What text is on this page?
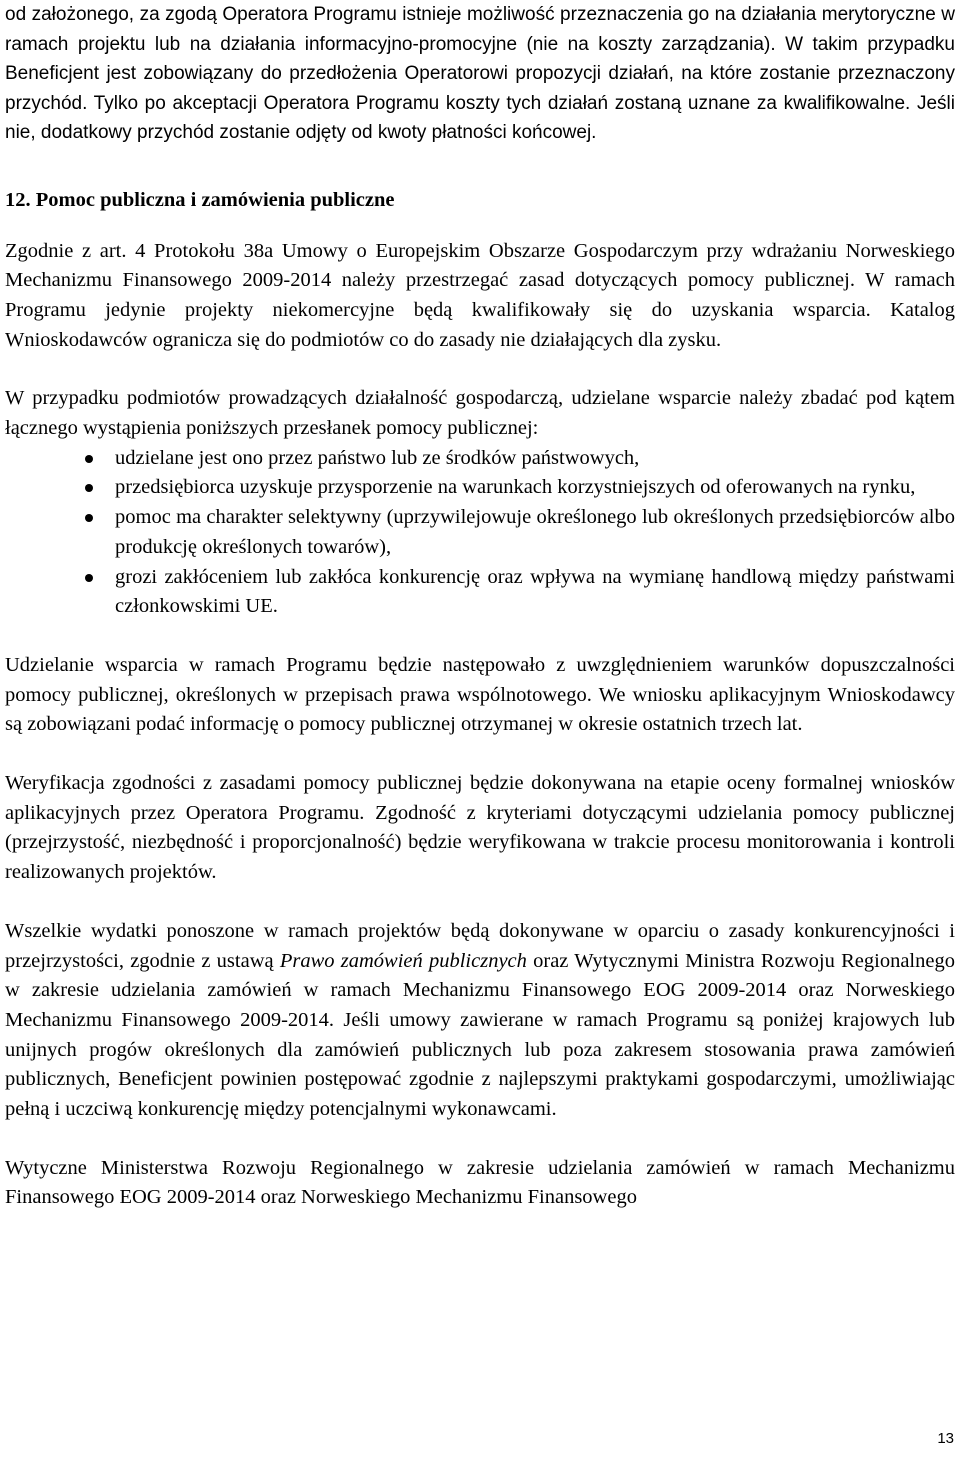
od założonego, za zgodą Operatora Programu istnieje możliwość przeznaczenia go na działania merytoryczne w ramach projektu lub na działania informacyjno-promocyjne (nie na koszty zarządzania). W takim przypadku Beneficjent jest zobowiązany do przedłożenia Operatorowi propozycji działań, na które zostanie przeznaczony przychód. Tylko po akceptacji Operatora Programu koszty tych działań zostaną uznane za kwalifikowalne. Jeśli nie, dodatkowy przychód zostanie odjęty od kwoty płatności końcowej.

12. Pomoc publiczna i zamówienia publiczne

Zgodnie z art. 4 Protokołu 38a Umowy o Europejskim Obszarze Gospodarczym przy wdrażaniu Norweskiego Mechanizmu Finansowego 2009-2014 należy przestrzegać zasad dotyczących pomocy publicznej. W ramach Programu jedynie projekty niekomercyjne będą kwalifikowały się do uzyskania wsparcia. Katalog Wnioskodawców ogranicza się do podmiotów co do zasady nie działających dla zysku.

W przypadku podmiotów prowadzących działalność gospodarczą, udzielane wsparcie należy zbadać pod kątem łącznego wystąpienia poniższych przesłanek pomocy publicznej:

udzielane jest ono przez państwo lub ze środków państwowych,
przedsiębiorca uzyskuje przysporzenie na warunkach korzystniejszych od oferowanych na rynku,
pomoc ma charakter selektywny (uprzywilejowuje określonego lub określonych przedsiębiorców albo produkcję określonych towarów),
grozi zakłóceniem lub zakłóca konkurencję oraz wpływa na wymianę handlową między państwami członkowskimi UE.

Udzielanie wsparcia w ramach Programu będzie następowało z uwzględnieniem warunków dopuszczalności pomocy publicznej, określonych w przepisach prawa wspólnotowego. We wniosku aplikacyjnym Wnioskodawcy są zobowiązani podać informację o pomocy publicznej otrzymanej w okresie ostatnich trzech lat.

Weryfikacja zgodności z zasadami pomocy publicznej będzie dokonywana na etapie oceny formalnej wniosków aplikacyjnych przez Operatora Programu. Zgodność z kryteriami dotyczącymi udzielania pomocy publicznej (przejrzystość, niezbędność i proporcjonalność) będzie weryfikowana w trakcie procesu monitorowania i kontroli realizowanych projektów.

Wszelkie wydatki ponoszone w ramach projektów będą dokonywane w oparciu o zasady konkurencyjności i przejrzystości, zgodnie z ustawą Prawo zamówień publicznych oraz Wytycznymi Ministra Rozwoju Regionalnego w zakresie udzielania zamówień w ramach Mechanizmu Finansowego EOG 2009-2014 oraz Norweskiego Mechanizmu Finansowego 2009-2014. Jeśli umowy zawierane w ramach Programu są poniżej krajowych lub unijnych progów określonych dla zamówień publicznych lub poza zakresem stosowania prawa zamówień publicznych, Beneficjent powinien postępować zgodnie z najlepszymi praktykami gospodarczymi, umożliwiając pełną i uczciwą konkurencję między potencjalnymi wykonawcami.

Wytyczne Ministerstwa Rozwoju Regionalnego w zakresie udzielania zamówień w ramach Mechanizmu Finansowego EOG 2009-2014 oraz Norweskiego Mechanizmu Finansowego

13
